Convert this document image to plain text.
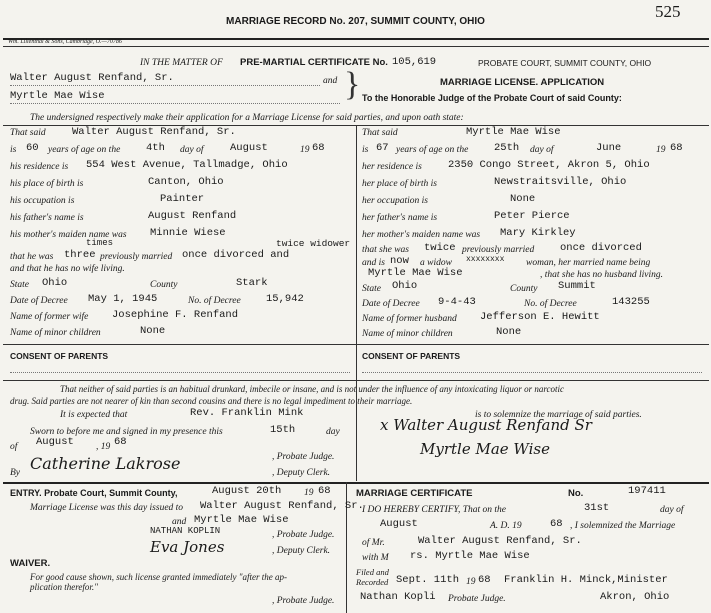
MARRIAGE RECORD No. 207, SUMMIT COUNTY, OHIO
525
Wm. Lilienthal & Sons, Cambridge, O.—70786
IN THE MATTER OF PRE-MARTIAL CERTIFICATE No. 105,619	PROBATE COURT, SUMMIT COUNTY, OHIO
Walter August Renfand, Sr.	and
Myrtle Mae Wise	}	MARRIAGE LICENSE. APPLICATION
To the Honorable Judge of the Probate Court of said County:
The undersigned respectively make their application for a Marriage License for said parties, and upon oath state:
That said	Walter August Renfand, Sr.
is 60 years of age on the 4th day of	August	19 68
his residence is 554 West Avenue, Tallmadge, Ohio
his place of birth is	Canton, Ohio
his occupation is	Painter
his father's name is	August Renfand
his mother's maiden name was Minnie Wiese
times	twice widower
that he was three previously married once divorced and
and that he has no wife living.
State Ohio	County	Stark
Date of Decree May 1, 1945	No. of Decree 15,942
Name of former wife Josephine F. Renfand
Name of minor children	None
That said	Myrtle Mae Wise
is 67 years of age on the 25th day of	June	19 68
her residence is 2350 Congo Street, Akron 5, Ohio
her place of birth is	Newstraitsville, Ohio
her occupation is	None
her father's name is	Peter Pierce
her mother's maiden name was Mary Kirkley
that she was twice previously married once divorced
and is now a widow xxxxxxxx woman, her married name being
Myrtle Mae Wise	, that she has no husband living.
State Ohio	County Summit
Date of Decree 9-4-43	No. of Decree	143255
Name of former husband Jefferson E. Hewitt
Name of minor children	None
CONSENT OF PARENTS	CONSENT OF PARENTS
That neither of said parties is an habitual drunkard, imbecile or insane, and is not under the influence of any intoxicating liquor or narcotic
drug. Said parties are not nearer of kin than second cousins and there is no legal impediment to their marriage.
It is expected that	Rev. Franklin Mink	is to solemnize the marriage of said parties.
Sworn to before me and signed in my presence this	15th	day
of August , 19 68
, Probate Judge.
By Catherine Lakrose	, Deputy Clerk.
x Walter August Renfand Sr
Myrtle Mae Wise
ENTRY. Probate Court, Summit County,	August 20th 19 68
Marriage License was this day issued to Walter August Renfand, Sr.
and Myrtle Mae Wise
NATHAN KOPLIN	, Probate Judge.
Eva Jones	, Deputy Clerk.
WAIVER.
For good cause shown, such license granted immediately "after the ap-
plication therefor."
, Probate Judge.
MARRIAGE CERTIFICATE	No.	197411
I DO HEREBY CERTIFY, That on the	31st	day of
August	A. D. 19	68 , I solemnized the Marriage
of Mr.	Walter August Renfand, Sr.
with M rs. Myrtle Mae Wise
Filed and
Recorded Sept. 11th 19 68 Franklin H. Minck,Minister
Nathan Kopli Probate Judge.	Akron, Ohio
